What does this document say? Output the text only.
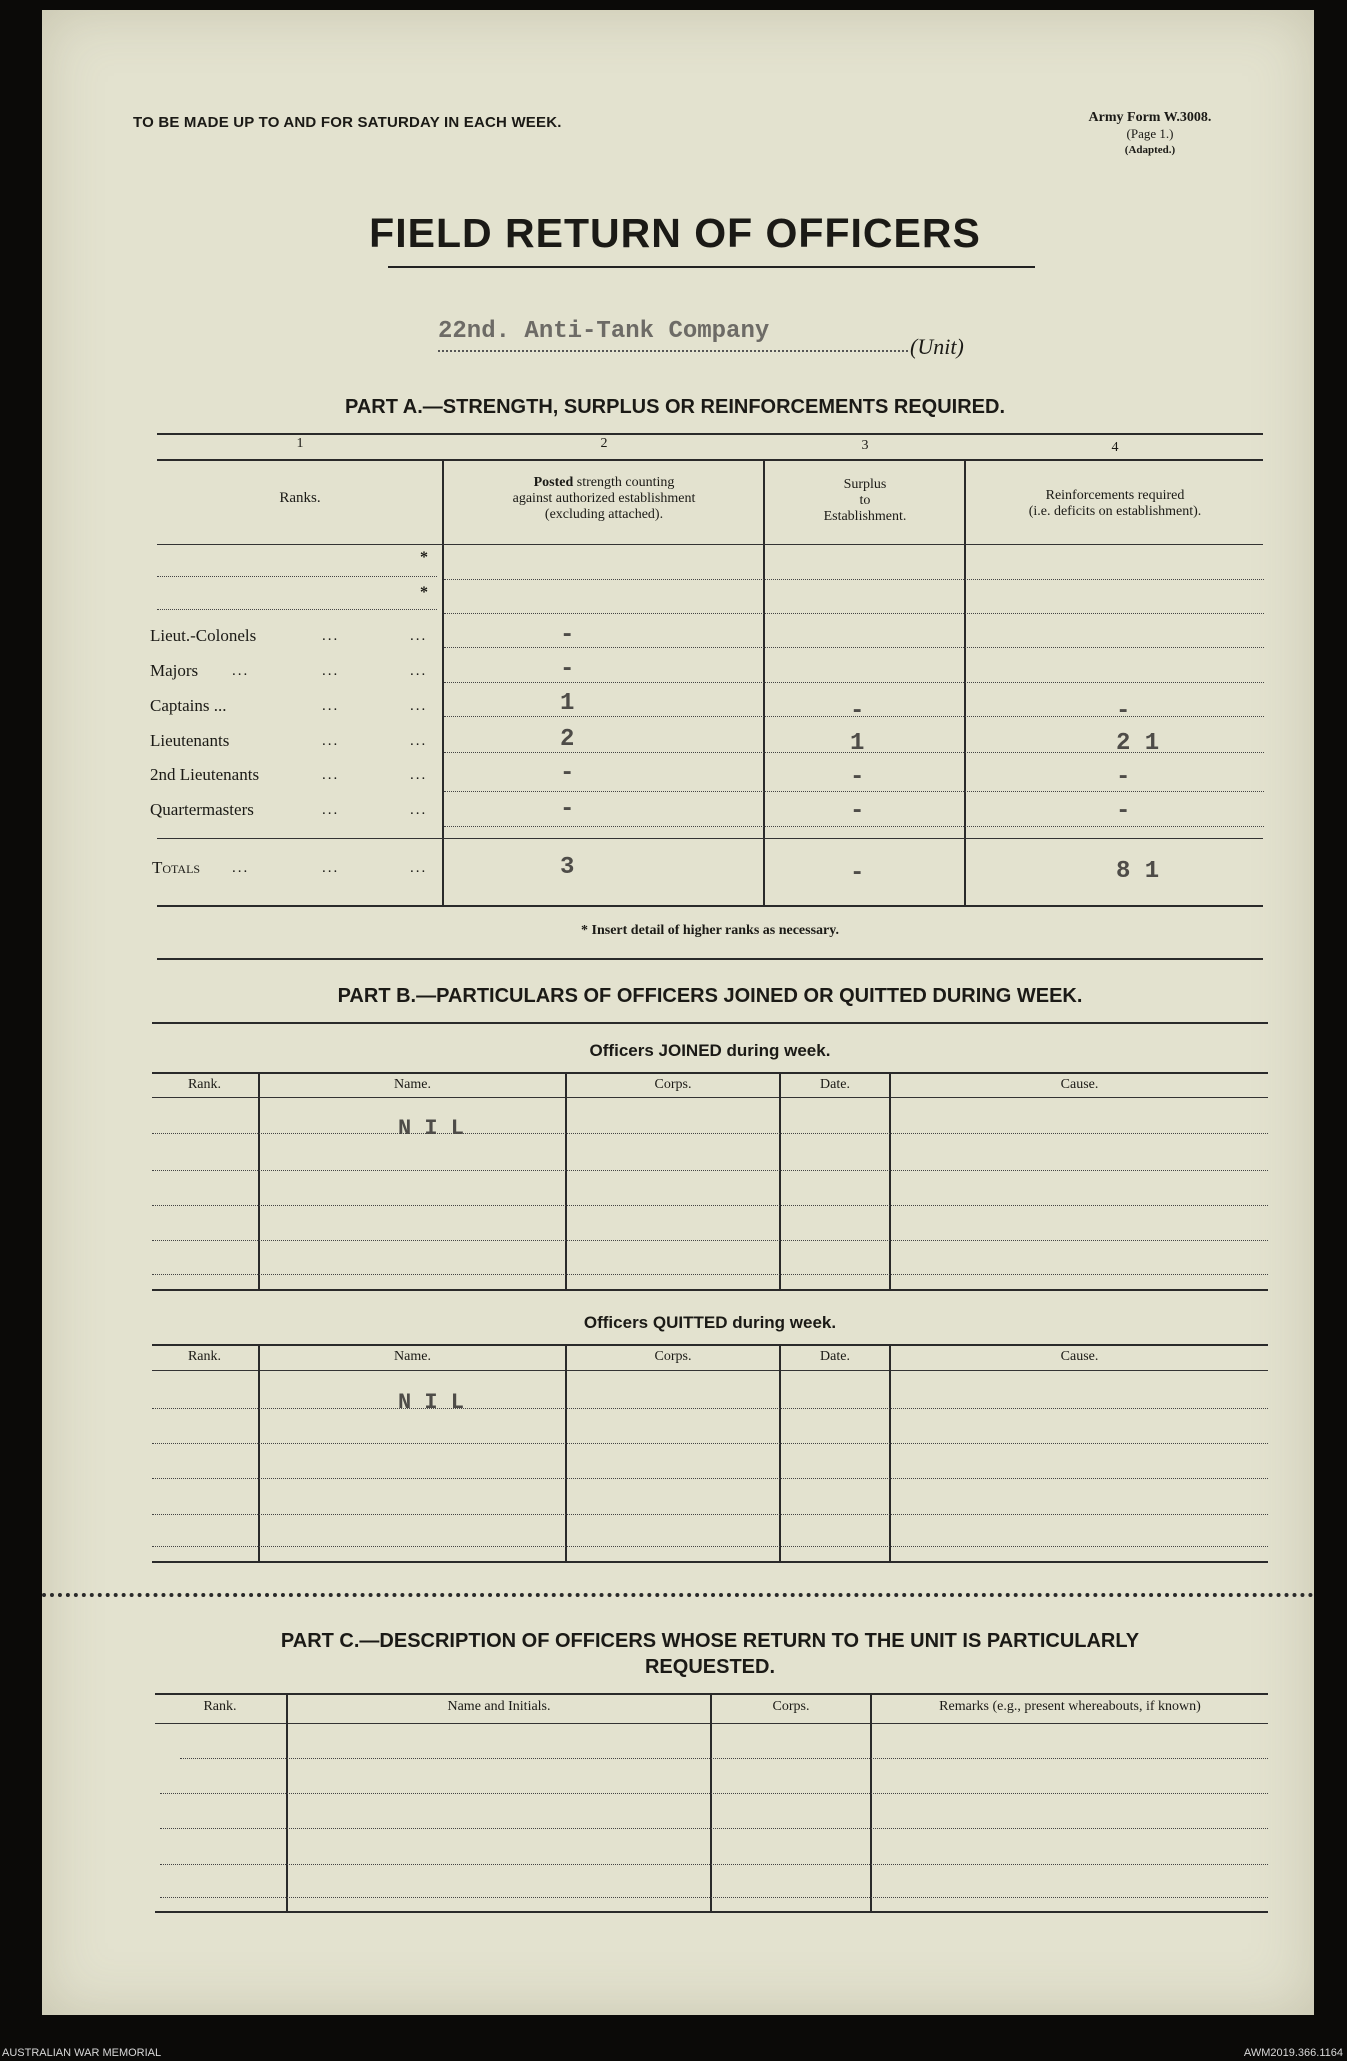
TO BE MADE UP TO AND FOR SATURDAY IN EACH WEEK.	Army Form W.3008.
(Page 1.)
(Adapted.)
FIELD RETURN OF OFFICERS
22nd. Anti-Tank Company
(Unit)
PART A.—STRENGTH, SURPLUS OR REINFORCEMENTS REQUIRED.
1	2	3	4
Ranks.
Posted strength counting
against authorized establishment
(excluding attached).
Surplus
to
Establishment.
Reinforcements required
(i.e. deficits on establishment).
*
*
Lieut.-Colonels	...	...	-
Majors ...	...	...	-
Captains ...	...	...	1	-	-
Lieutenants	...	...	2	1	2 1
2nd Lieutenants	...	...	-	-	-
Quartermasters	...	...	-	-	-
Totals ...	...	...	3	-	8 1
* Insert detail of higher ranks as necessary.
PART B.—PARTICULARS OF OFFICERS JOINED OR QUITTED DURING WEEK.
Officers JOINED during week.
Rank.	Name.	Corps.	Date.	Cause.
N I L
Officers QUITTED during week.
Rank.	Name.	Corps.	Date.	Cause.
N I L
PART C.—DESCRIPTION OF OFFICERS WHOSE RETURN TO THE UNIT IS PARTICULARLY
REQUESTED.
Rank.	Name and Initials.	Corps.	Remarks (e.g., present whereabouts, if known)
AUSTRALIAN WAR MEMORIAL	AWM2019.366.1164
